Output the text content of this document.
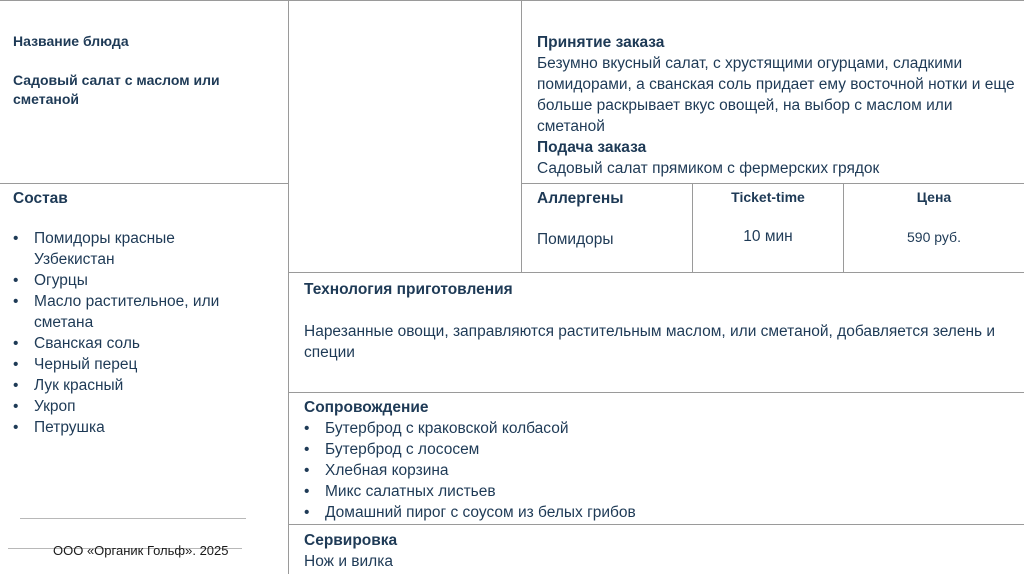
Название блюда
Садовый салат с маслом или сметаной
Принятие заказа
Безумно вкусный салат, с хрустящими огурцами, сладкими помидорами, а сванская соль придает ему восточной нотки и еще больше раскрывает вкус овощей, на выбор с маслом или сметаной
Подача заказа
Садовый салат прямиком с фермерских грядок
Состав
• Помидоры красные Узбекистан
• Огурцы
• Масло растительное, или сметана
• Сванская соль
• Черный перец
• Лук красный
• Укроп
• Петрушка
Аллергены
Помидоры
Ticket-time
10 мин
Цена
590 руб.
Технология приготовления
Нарезанные овощи, заправляются растительным маслом, или сметаной, добавляется зелень и специи
Сопровождение
• Бутерброд с краковской колбасой
• Бутерброд с лососем
• Хлебная корзина
• Микс салатных листьев
• Домашний пирог с соусом из белых грибов
Сервировка
Нож и вилка
ООО «Органик Гольф». 2025
